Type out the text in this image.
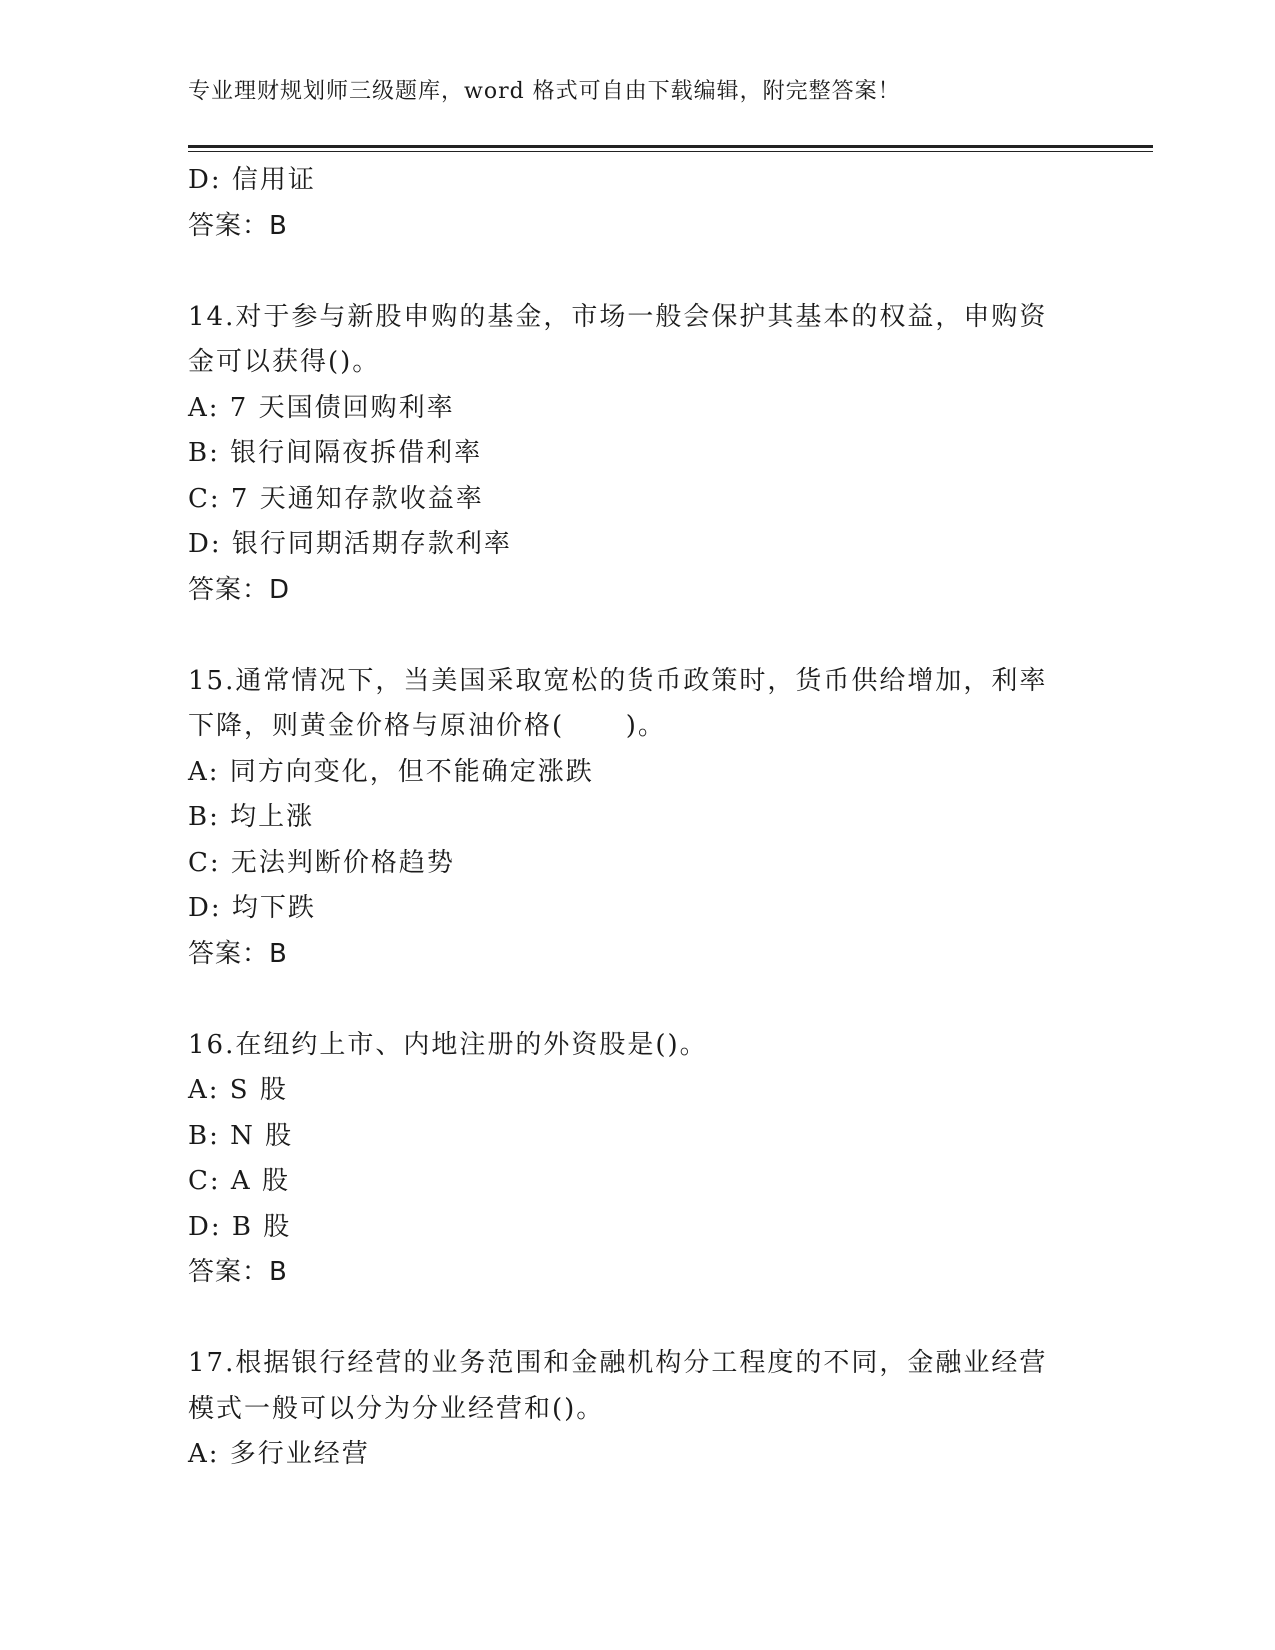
专业理财规划师三级题库，word 格式可自由下载编辑，附完整答案！
D: 信用证
答案：B
14.对于参与新股申购的基金，市场一般会保护其基本的权益，申购资
金可以获得()。
A: 7 天国债回购利率
B: 银行间隔夜拆借利率
C: 7 天通知存款收益率
D: 银行同期活期存款利率
答案：D
15.通常情况下，当美国采取宽松的货币政策时，货币供给增加，利率
下降，则黄金价格与原油价格(      )。
A: 同方向变化，但不能确定涨跌
B: 均上涨
C: 无法判断价格趋势
D: 均下跌
答案：B
16.在纽约上市、内地注册的外资股是()。
A: S 股
B: N 股
C: A 股
D: B 股
答案：B
17.根据银行经营的业务范围和金融机构分工程度的不同，金融业经营
模式一般可以分为分业经营和()。
A: 多行业经营
